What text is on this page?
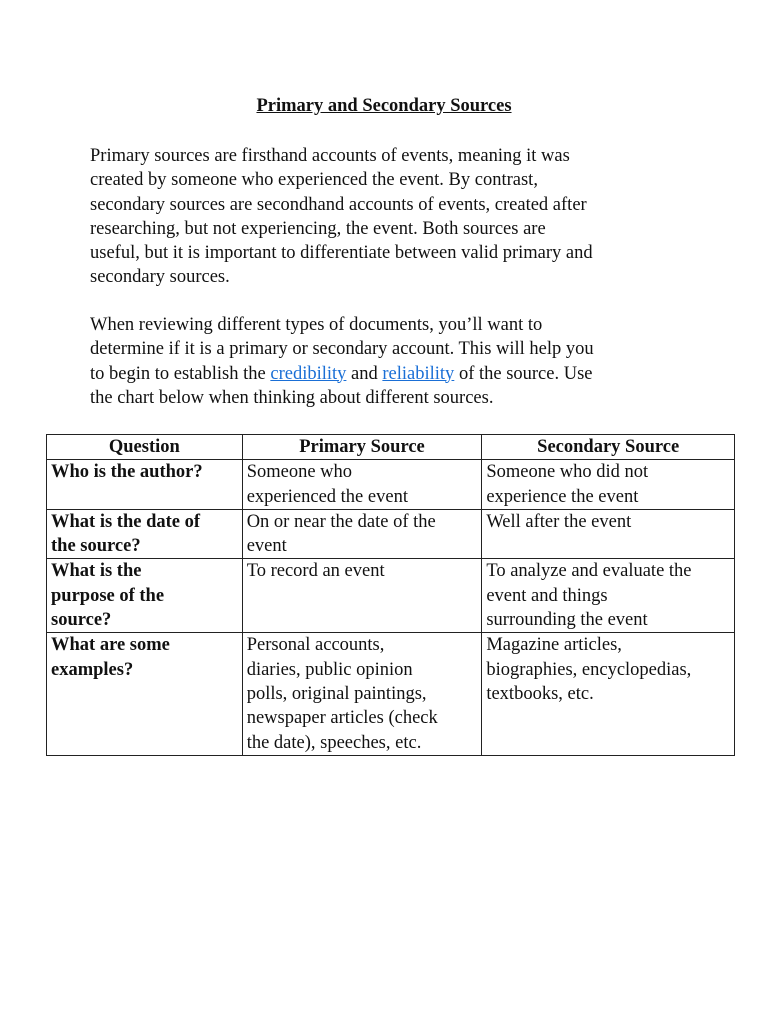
Primary and Secondary Sources
Primary sources are firsthand accounts of events, meaning it was
created by someone who experienced the event. By contrast,
secondary sources are secondhand accounts of events, created after
researching, but not experiencing, the event. Both sources are
useful, but it is important to differentiate between valid primary and
secondary sources.
When reviewing different types of documents, you’ll want to
determine if it is a primary or secondary account. This will help you
to begin to establish the credibility and reliability of the source. Use
the chart below when thinking about different sources.
Question	Primary Source	Secondary Source

Who is the author?	Someone who
experienced the event	Someone who did not
experience the event

What is the date of
the source?	On or near the date of the
event	Well after the event

What is the
purpose of the
source?	To record an event	To analyze and evaluate the
event and things
surrounding the event

What are some
examples?	Personal accounts,
diaries, public opinion
polls, original paintings,
newspaper articles (check
the date), speeches, etc.	Magazine articles,
biographies, encyclopedias,
textbooks, etc.
